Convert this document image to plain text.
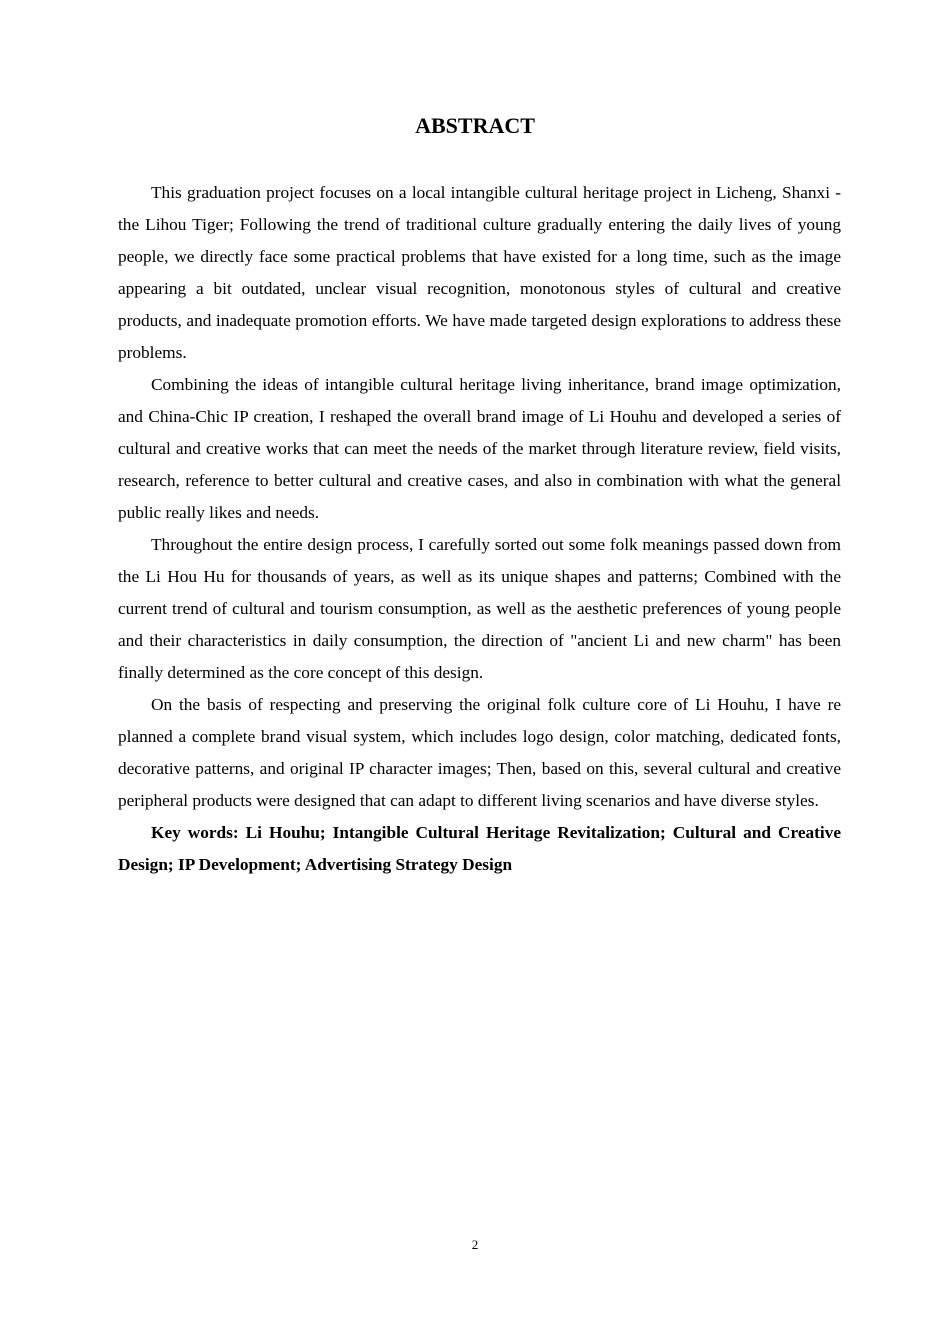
ABSTRACT

This graduation project focuses on a local intangible cultural heritage project in Licheng, Shanxi - the Lihou Tiger; Following the trend of traditional culture gradually entering the daily lives of young people, we directly face some practical problems that have existed for a long time, such as the image appearing a bit outdated, unclear visual recognition, monotonous styles of cultural and creative products, and inadequate promotion efforts. We have made targeted design explorations to address these problems.

Combining the ideas of intangible cultural heritage living inheritance, brand image optimization, and China-Chic IP creation, I reshaped the overall brand image of Li Houhu and developed a series of cultural and creative works that can meet the needs of the market through literature review, field visits, research, reference to better cultural and creative cases, and also in combination with what the general public really likes and needs.

Throughout the entire design process, I carefully sorted out some folk meanings passed down from the Li Hou Hu for thousands of years, as well as its unique shapes and patterns; Combined with the current trend of cultural and tourism consumption, as well as the aesthetic preferences of young people and their characteristics in daily consumption, the direction of "ancient Li and new charm" has been finally determined as the core concept of this design.

On the basis of respecting and preserving the original folk culture core of Li Houhu, I have re planned a complete brand visual system, which includes logo design, color matching, dedicated fonts, decorative patterns, and original IP character images; Then, based on this, several cultural and creative peripheral products were designed that can adapt to different living scenarios and have diverse styles.

Key words: Li Houhu; Intangible Cultural Heritage Revitalization; Cultural and Creative Design; IP Development; Advertising Strategy Design

2
